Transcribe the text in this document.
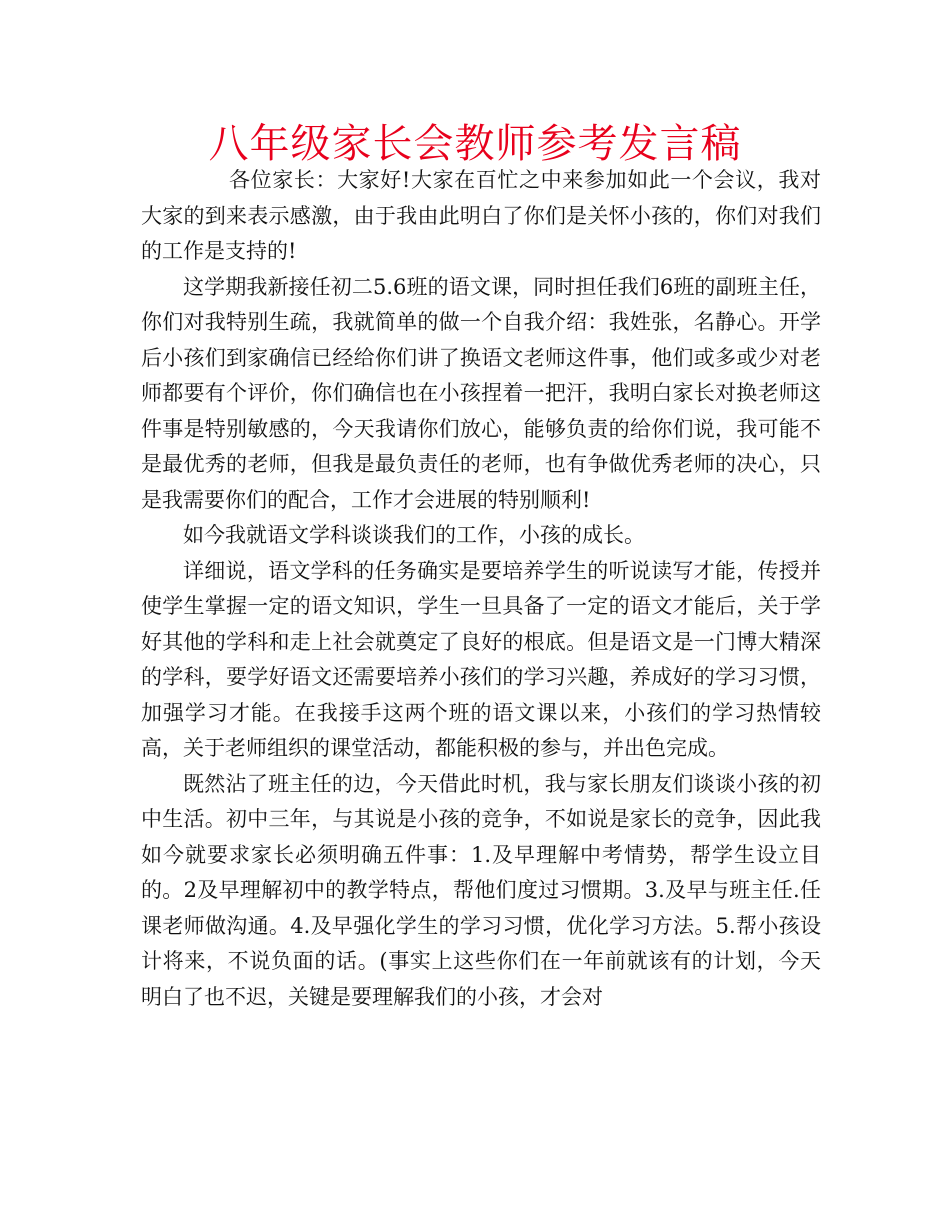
八年级家长会教师参考发言稿

各位家长：大家好!大家在百忙之中来参加如此一个会议，我对大家的到来表示感激，由于我由此明白了你们是关怀小孩的，你们对我们的工作是支持的!

这学期我新接任初二5.6班的语文课，同时担任我们6班的副班主任，你们对我特别生疏，我就简单的做一个自我介绍：我姓张，名静心。开学后小孩们到家确信已经给你们讲了换语文老师这件事，他们或多或少对老师都要有个评价，你们确信也在小孩捏着一把汗，我明白家长对换老师这件事是特别敏感的，今天我请你们放心，能够负责的给你们说，我可能不是最优秀的老师，但我是最负责任的老师，也有争做优秀老师的决心，只是我需要你们的配合，工作才会进展的特别顺利!

如今我就语文学科谈谈我们的工作，小孩的成长。

详细说，语文学科的任务确实是要培养学生的听说读写才能，传授并使学生掌握一定的语文知识，学生一旦具备了一定的语文才能后，关于学好其他的学科和走上社会就奠定了良好的根底。但是语文是一门博大精深的学科，要学好语文还需要培养小孩们的学习兴趣，养成好的学习习惯，加强学习才能。在我接手这两个班的语文课以来，小孩们的学习热情较高，关于老师组织的课堂活动，都能积极的参与，并出色完成。

既然沾了班主任的边，今天借此时机，我与家长朋友们谈谈小孩的初中生活。初中三年，与其说是小孩的竞争，不如说是家长的竞争，因此我如今就要求家长必须明确五件事：1.及早理解中考情势，帮学生设立目的。2及早理解初中的教学特点，帮他们度过习惯期。3.及早与班主任.任课老师做沟通。4.及早强化学生的学习习惯，优化学习方法。5.帮小孩设计将来，不说负面的话。(事实上这些你们在一年前就该有的计划，今天明白了也不迟，关键是要理解我们的小孩，才会对
